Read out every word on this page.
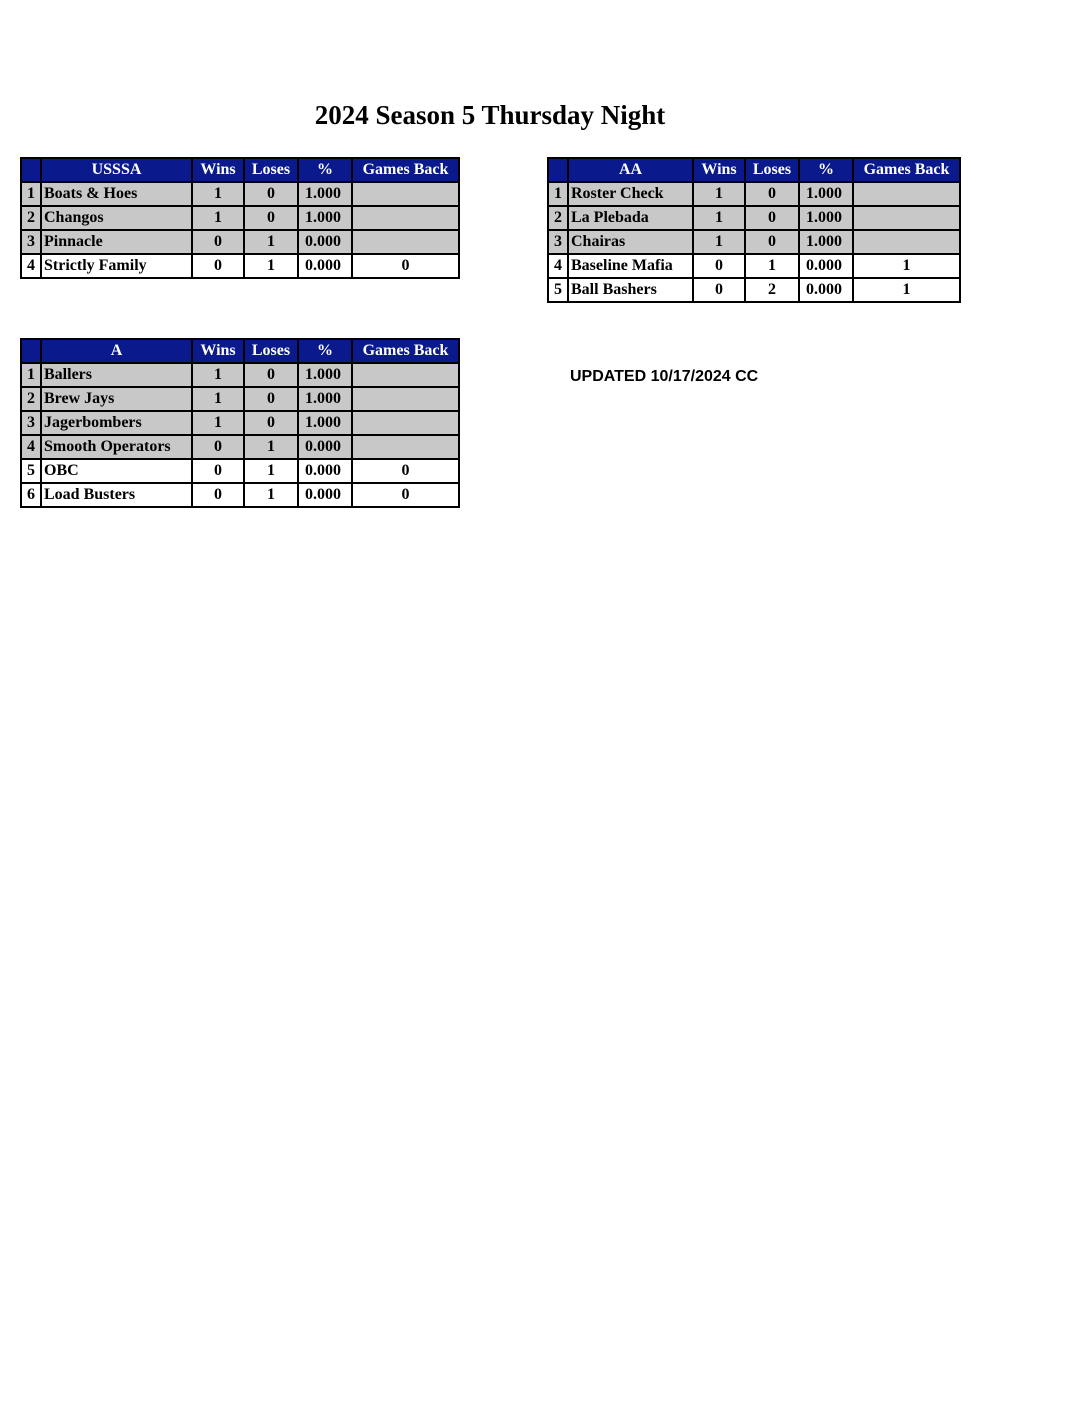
2024 Season 5 Thursday Night
	USSSA	Wins	Loses	%	Games Back
1	Boats & Hoes	1	0	1.000	
2	Changos	1	0	1.000	
3	Pinnacle	0	1	0.000	
4	Strictly Family	0	1	0.000	0
	AA	Wins	Loses	%	Games Back
1	Roster Check	1	0	1.000	
2	La Plebada	1	0	1.000	
3	Chairas	1	0	1.000	
4	Baseline Mafia	0	1	0.000	1
5	Ball Bashers	0	2	0.000	1
	A	Wins	Loses	%	Games Back
1	Ballers	1	0	1.000	
2	Brew Jays	1	0	1.000	
3	Jagerbombers	1	0	1.000	
4	Smooth Operators	0	1	0.000	
5	OBC	0	1	0.000	0
6	Load Busters	0	1	0.000	0
UPDATED 10/17/2024 CC
